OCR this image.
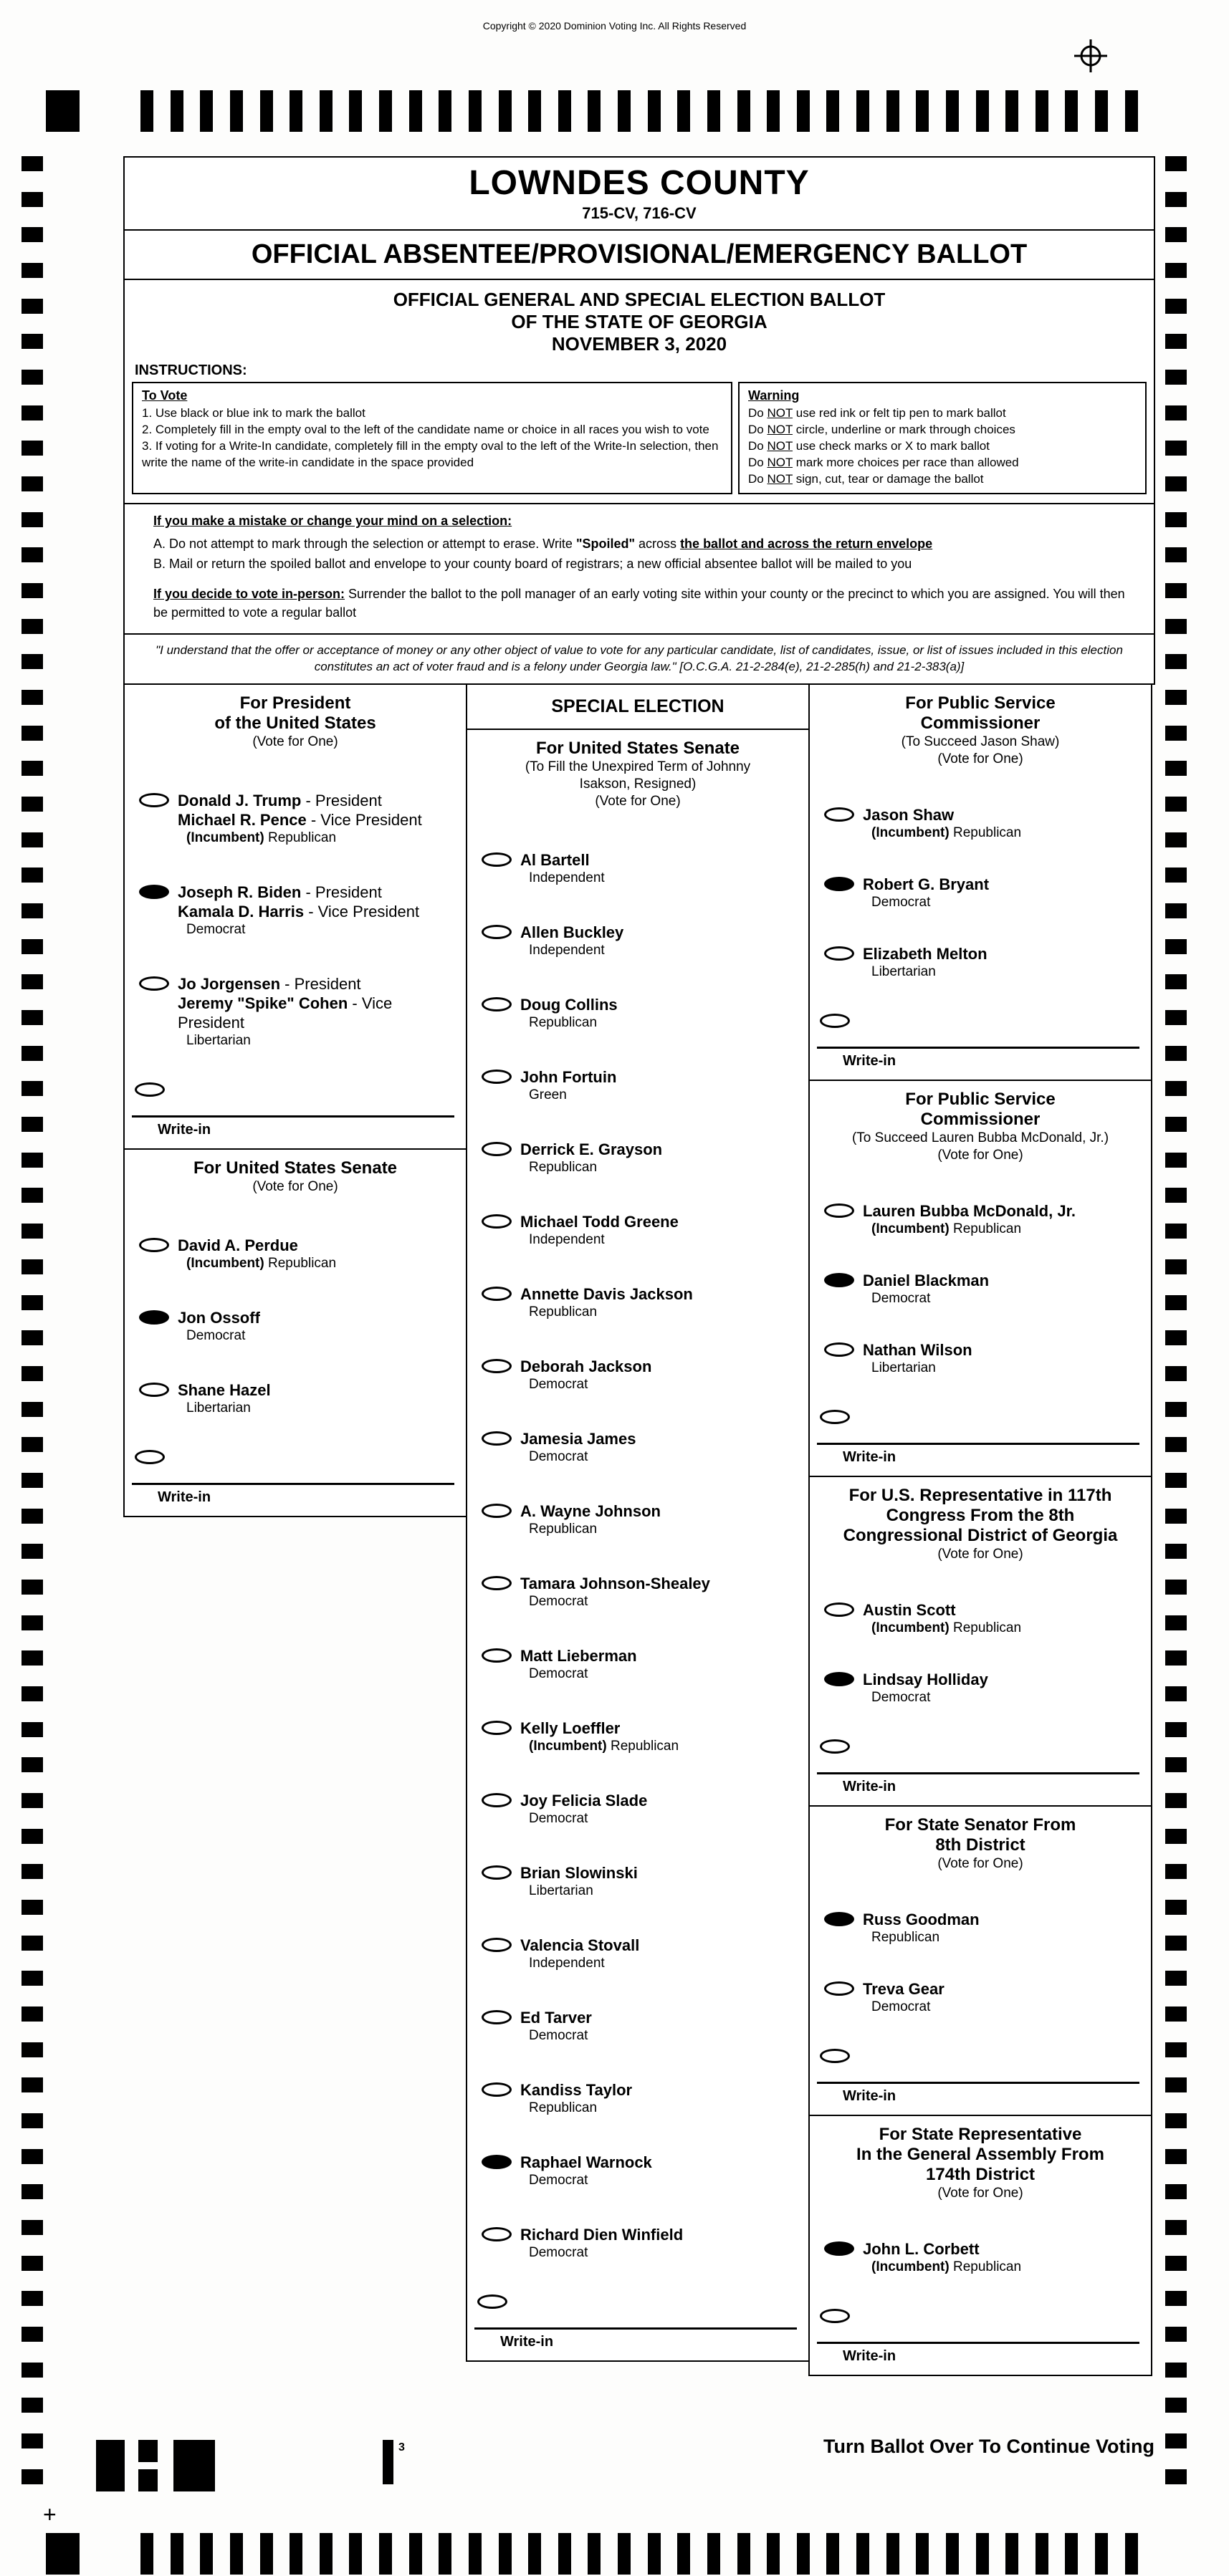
Copyright © 2020 Dominion Voting Inc. All Rights Reserved
LOWNDES COUNTY
715-CV, 716-CV
OFFICIAL ABSENTEE/PROVISIONAL/EMERGENCY BALLOT
OFFICIAL GENERAL AND SPECIAL ELECTION BALLOT
OF THE STATE OF GEORGIA
NOVEMBER 3, 2020
INSTRUCTIONS:
To Vote
1. Use black or blue ink to mark the ballot
2. Completely fill in the empty oval to the left of the candidate name or choice in all races you wish to vote
3. If voting for a Write-In candidate, completely fill in the empty oval to the left of the Write-In selection, then write the name of the write-in candidate in the space provided
Warning
Do NOT use red ink or felt tip pen to mark ballot
Do NOT circle, underline or mark through choices
Do NOT use check marks or X to mark ballot
Do NOT mark more choices per race than allowed
Do NOT sign, cut, tear or damage the ballot
If you make a mistake or change your mind on a selection:
A. Do not attempt to mark through the selection or attempt to erase. Write "Spoiled" across the ballot and across the return envelope
B. Mail or return the spoiled ballot and envelope to your county board of registrars; a new official absentee ballot will be mailed to you
If you decide to vote in-person: Surrender the ballot to the poll manager of an early voting site within your county or the precinct to which you are assigned. You will then be permitted to vote a regular ballot
"I understand that the offer or acceptance of money or any other object of value to vote for any particular candidate, list of candidates, issue, or list of issues included in this election constitutes an act of voter fraud and is a felony under Georgia law." [O.C.G.A. 21-2-284(e), 21-2-285(h) and 21-2-383(a)]
For President
of the United States
(Vote for One)
Donald J. Trump - President
Michael R. Pence - Vice President
(Incumbent) Republican
Joseph R. Biden - President
Kamala D. Harris - Vice President
Democrat
Jo Jorgensen - President
Jeremy "Spike" Cohen - Vice President
Libertarian
Write-in
For United States Senate
(Vote for One)
David A. Perdue
(Incumbent) Republican
Jon Ossoff
Democrat
Shane Hazel
Libertarian
Write-in
SPECIAL ELECTION
For United States Senate
(To Fill the Unexpired Term of Johnny
Isakson, Resigned)
(Vote for One)
Al Bartell
Independent
Allen Buckley
Independent
Doug Collins
Republican
John Fortuin
Green
Derrick E. Grayson
Republican
Michael Todd Greene
Independent
Annette Davis Jackson
Republican
Deborah Jackson
Democrat
Jamesia James
Democrat
A. Wayne Johnson
Republican
Tamara Johnson-Shealey
Democrat
Matt Lieberman
Democrat
Kelly Loeffler
(Incumbent) Republican
Joy Felicia Slade
Democrat
Brian Slowinski
Libertarian
Valencia Stovall
Independent
Ed Tarver
Democrat
Kandiss Taylor
Republican
Raphael Warnock
Democrat
Richard Dien Winfield
Democrat
Write-in
For Public Service
Commissioner
(To Succeed Jason Shaw)
(Vote for One)
Jason Shaw
(Incumbent) Republican
Robert G. Bryant
Democrat
Elizabeth Melton
Libertarian
Write-in
For Public Service
Commissioner
(To Succeed Lauren Bubba McDonald, Jr.)
(Vote for One)
Lauren Bubba McDonald, Jr.
(Incumbent) Republican
Daniel Blackman
Democrat
Nathan Wilson
Libertarian
Write-in
For U.S. Representative in 117th
Congress From the 8th
Congressional District of Georgia
(Vote for One)
Austin Scott
(Incumbent) Republican
Lindsay Holliday
Democrat
Write-in
For State Senator From
8th District
(Vote for One)
Russ Goodman
Republican
Treva Gear
Democrat
Write-in
For State Representative
In the General Assembly From
174th District
(Vote for One)
John L. Corbett
(Incumbent) Republican
Write-in
Turn Ballot Over To Continue Voting
3
+
